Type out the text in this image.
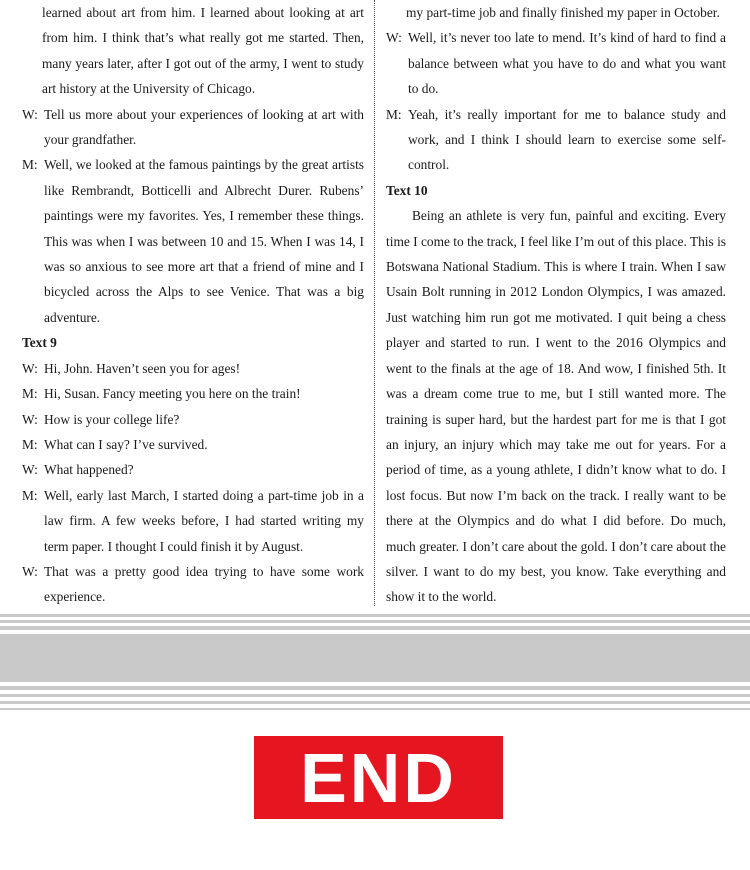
learned about art from him. I learned about looking at art from him. I think that’s what really got me started. Then, many years later, after I got out of the army, I went to study art history at the University of Chicago.

W: Tell us more about your experiences of looking at art with your grandfather.
M: Well, we looked at the famous paintings by the great artists like Rembrandt, Botticelli and Albrecht Durer. Rubens’ paintings were my favorites. Yes, I remember these things. This was when I was between 10 and 15. When I was 14, I was so anxious to see more art that a friend of mine and I bicycled across the Alps to see Venice. That was a big adventure.
Text 9
W: Hi, John. Haven’t seen you for ages!
M: Hi, Susan. Fancy meeting you here on the train!
W: How is your college life?
M: What can I say? I’ve survived.
W: What happened?
M: Well, early last March, I started doing a part-time job in a law firm. A few weeks before, I had started writing my term paper. I thought I could finish it by August.
W: That was a pretty good idea trying to have some work experience.

my part-time job and finally finished my paper in October.

W: Well, it’s never too late to mend. It’s kind of hard to find a balance between what you have to do and what you want to do.
M: Yeah, it’s really important for me to balance study and work, and I think I should learn to exercise some self-control.
Text 10

Being an athlete is very fun, painful and exciting. Every time I come to the track, I feel like I’m out of this place. This is Botswana National Stadium. This is where I train. When I saw Usain Bolt running in 2012 London Olympics, I was amazed. Just watching him run got me motivated. I quit being a chess player and started to run. I went to the 2016 Olympics and went to the finals at the age of 18. And wow, I finished 5th. It was a dream come true to me, but I still wanted more. The training is super hard, but the hardest part for me is that I got an injury, an injury which may take me out for years. For a period of time, as a young athlete, I didn’t know what to do. I lost focus. But now I’m back on the track. I really want to be there at the Olympics and do what I did before. Do much, much greater. I don’t care about the gold. I don’t care about the silver. I want to do my best, you know. Take everything and show it to the world.

END
